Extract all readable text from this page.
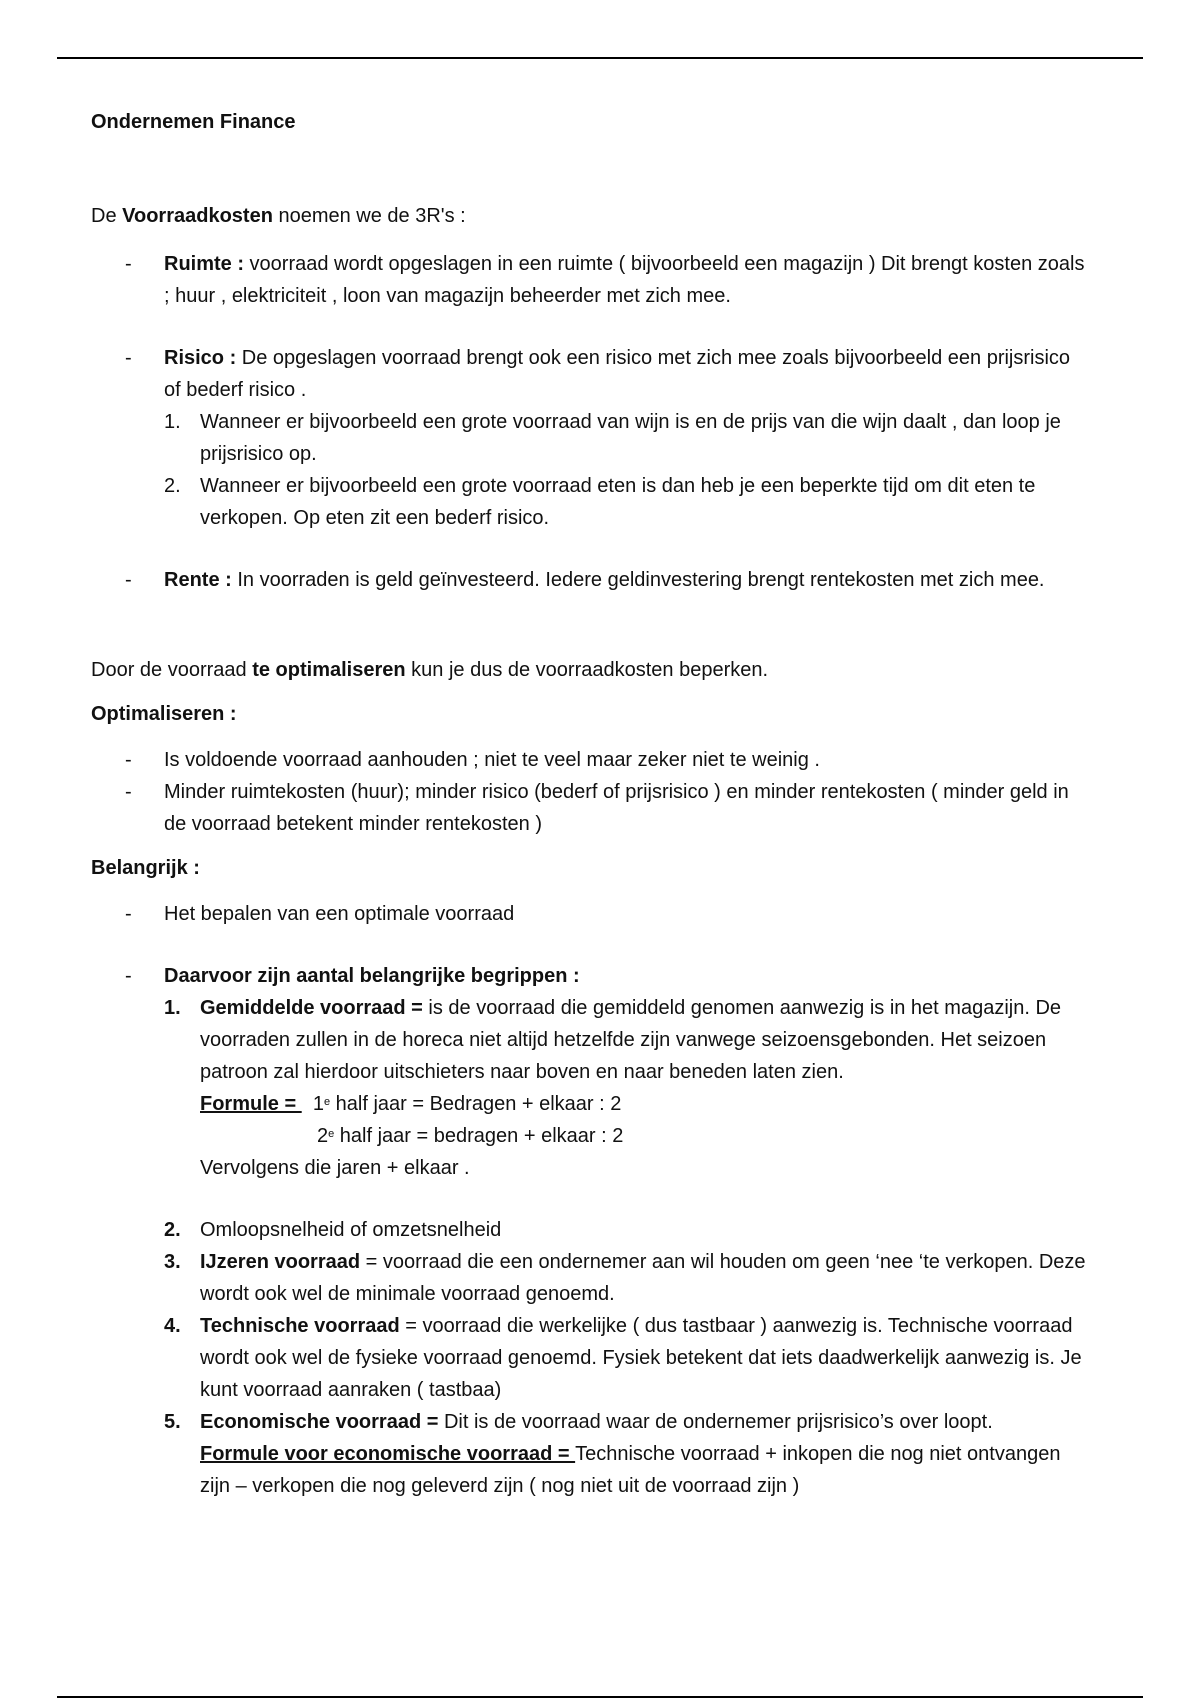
Ondernemen Finance

De Voorraadkosten noemen we de 3R's :

- Ruimte : voorraad wordt opgeslagen in een ruimte ( bijvoorbeeld een magazijn ) Dit brengt kosten zoals ; huur , elektriciteit , loon van magazijn beheerder met zich mee.
- Risico : De opgeslagen voorraad brengt ook een risico met zich mee zoals bijvoorbeeld een prijsrisico of bederf risico .
1. Wanneer er bijvoorbeeld een grote voorraad van wijn is en de prijs van die wijn daalt , dan loop je prijsrisico op.
2. Wanneer er bijvoorbeeld een grote voorraad eten is dan heb je een beperkte tijd om dit eten te verkopen. Op eten zit een bederf risico.
- Rente : In voorraden is geld geïnvesteerd. Iedere geldinvestering brengt rentekosten met zich mee.

Door de voorraad te optimaliseren kun je dus de voorraadkosten beperken.

Optimaliseren :

- Is voldoende voorraad aanhouden ; niet te veel maar zeker niet te weinig .
- Minder ruimtekosten (huur); minder risico (bederf of prijsrisico ) en minder rentekosten ( minder geld in de voorraad betekent minder rentekosten )

Belangrijk :

- Het bepalen van een optimale voorraad
- Daarvoor zijn aantal belangrijke begrippen :
1. Gemiddelde voorraad = is de voorraad die gemiddeld genomen aanwezig is in het magazijn. De voorraden zullen in de horeca niet altijd hetzelfde zijn vanwege seizoensgebonden. Het seizoen patroon zal hierdoor uitschieters naar boven en naar beneden laten zien.
Formule =   1e half jaar = Bedragen + elkaar : 2
2e half jaar = bedragen + elkaar : 2
Vervolgens die jaren + elkaar .
2. Omloopsnelheid of omzetsnelheid
3. IJzeren voorraad = voorraad die een ondernemer aan wil houden om geen ‘nee ‘te verkopen. Deze wordt ook wel de minimale voorraad genoemd.
4. Technische voorraad = voorraad die werkelijke ( dus tastbaar ) aanwezig is. Technische voorraad wordt ook wel de fysieke voorraad genoemd. Fysiek betekent dat iets daadwerkelijk aanwezig is. Je kunt voorraad aanraken ( tastbaa)
5. Economische voorraad = Dit is de voorraad waar de ondernemer prijsrisico’s over loopt.
Formule voor economische voorraad = Technische voorraad + inkopen die nog niet ontvangen zijn – verkopen die nog geleverd zijn ( nog niet uit de voorraad zijn )
